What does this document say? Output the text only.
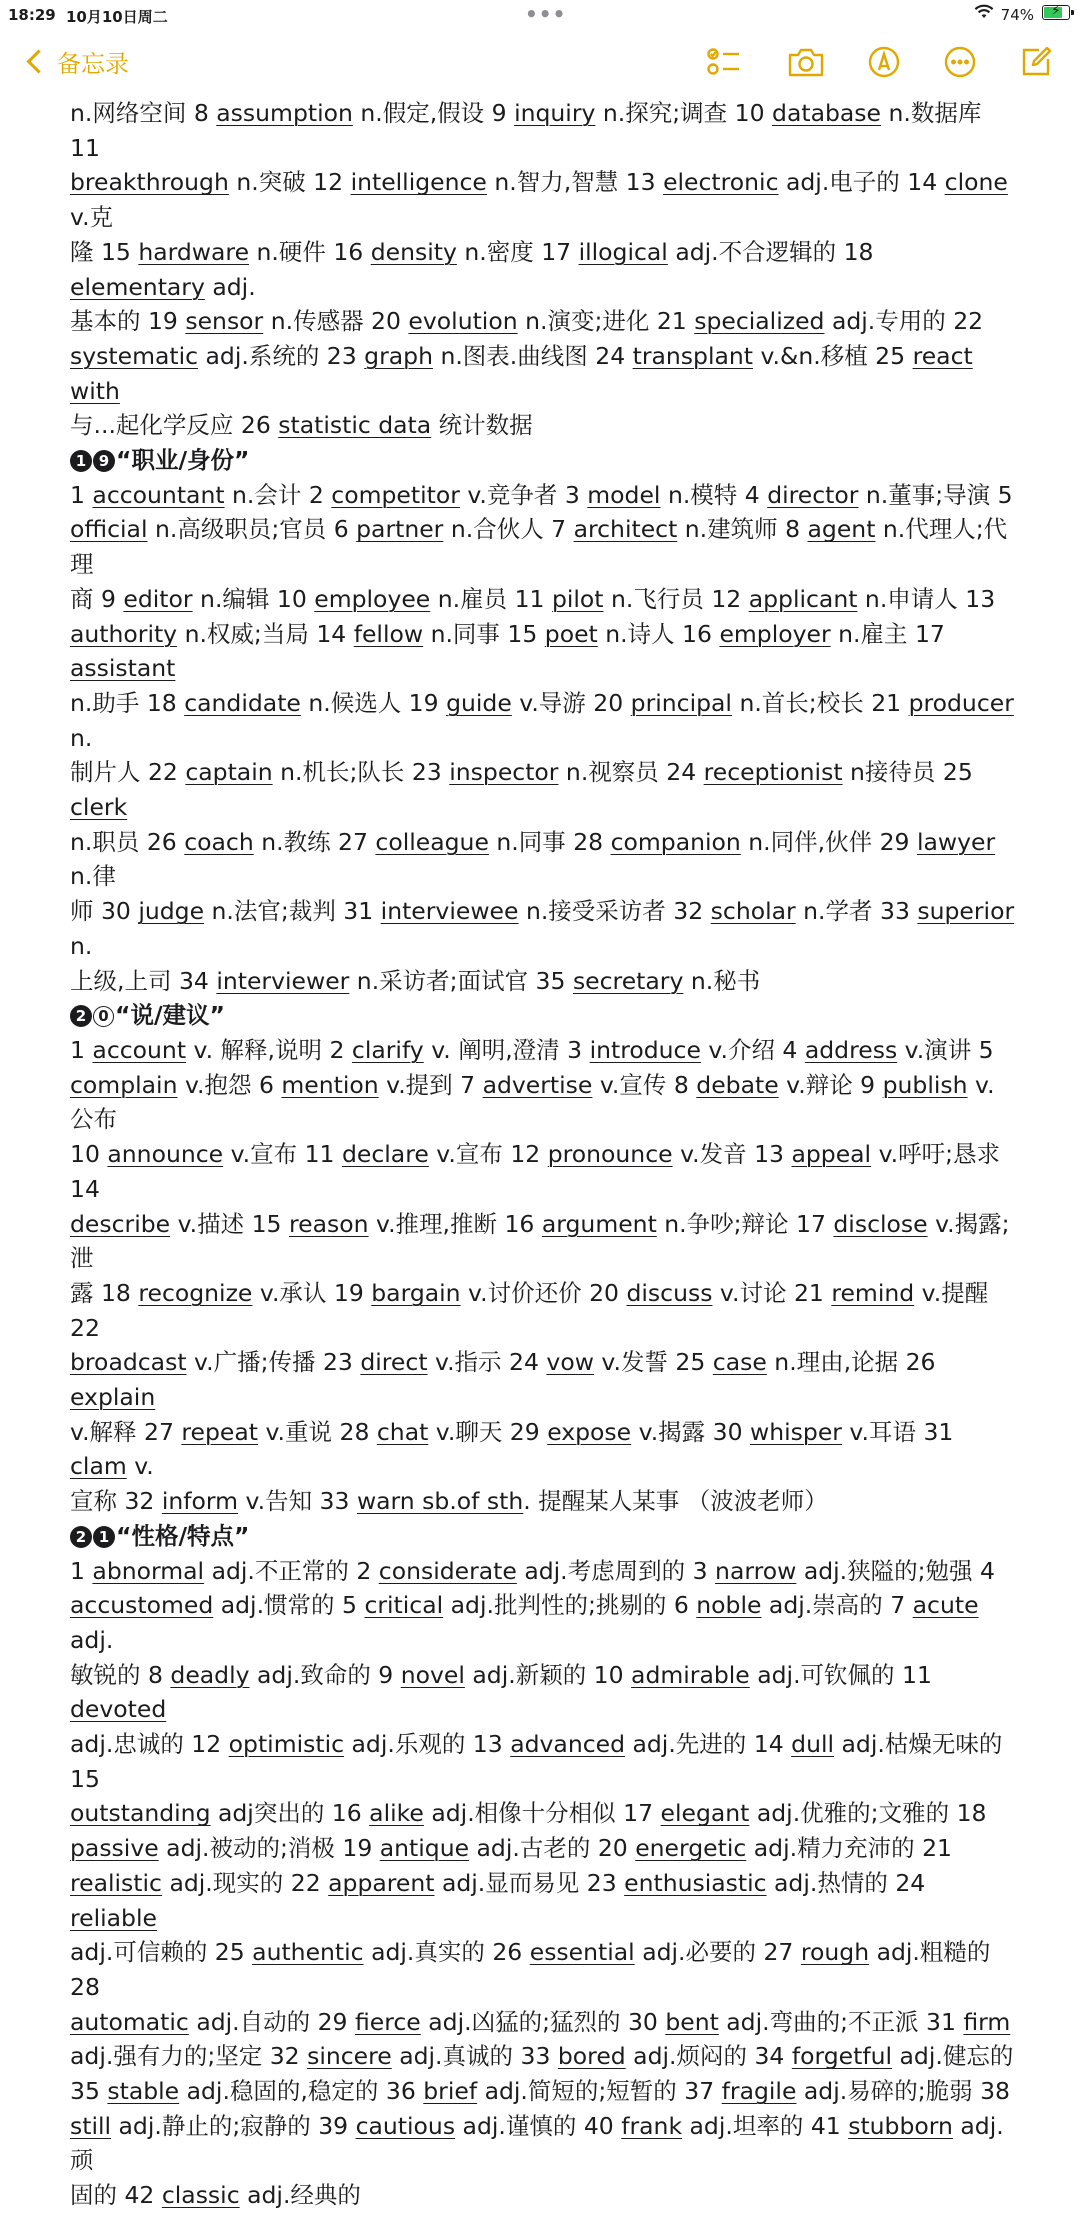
18:29 10月10日周二	•••	74% ⚡
备忘录
n.网络空间 8 assumption n.假定,假设 9 inquiry n.探究;调查 10 database n.数据库 11
breakthrough n.突破 12 intelligence n.智力,智慧 13 electronic adj.电子的 14 clone v.克
隆 15 hardware n.硬件 16 density n.密度 17 illogical adj.不合逻辑的 18 elementary adj.
基本的 19 sensor n.传感器 20 evolution n.演变;进化 21 specialized adj.专用的 22
systematic adj.系统的 23 graph n.图表.曲线图 24 transplant v.&n.移植 25 react with
与...起化学反应 26 statistic data 统计数据
1 9 “职业/身份”
1 accountant n.会计 2 competitor v.竞争者 3 model n.模特 4 director n.董事;导演 5
official n.高级职员;官员 6 partner n.合伙人 7 architect n.建筑师 8 agent n.代理人;代理
商 9 editor n.编辑 10 employee n.雇员 11 pilot n.飞行员 12 applicant n.申请人 13
authority n.权威;当局 14 fellow n.同事 15 poet n.诗人 16 employer n.雇主 17 assistant
n.助手 18 candidate n.候选人 19 guide v.导游 20 principal n.首长;校长 21 producer n.
制片人 22 captain n.机长;队长 23 inspector n.视察员 24 receptionist n接待员 25 clerk
n.职员 26 coach n.教练 27 colleague n.同事 28 companion n.同伴,伙伴 29 lawyer n.律
师 30 judge n.法官;裁判 31 interviewee n.接受采访者 32 scholar n.学者 33 superior n.
上级,上司 34 interviewer n.采访者;面试官 35 secretary n.秘书
2 0 “说/建议”
1 account v. 解释,说明 2 clarify v. 阐明,澄清 3 introduce v.介绍 4 address v.演讲 5
complain v.抱怨 6 mention v.提到 7 advertise v.宣传 8 debate v.辩论 9 publish v.公布
10 announce v.宣布 11 declare v.宣布 12 pronounce v.发音 13 appeal v.呼吁;恳求 14
describe v.描述 15 reason v.推理,推断 16 argument n.争吵;辩论 17 disclose v.揭露;泄
露 18 recognize v.承认 19 bargain v.讨价还价 20 discuss v.讨论 21 remind v.提醒 22
broadcast v.广播;传播 23 direct v.指示 24 vow v.发誓 25 case n.理由,论据 26 explain
v.解释 27 repeat v.重说 28 chat v.聊天 29 expose v.揭露 30 whisper v.耳语 31 clam v.
宣称 32 inform v.告知 33 warn sb.of sth. 提醒某人某事 （波波老师）
2 1 “性格/特点”
1 abnormal adj.不正常的 2 considerate adj.考虑周到的 3 narrow adj.狭隘的;勉强 4
accustomed adj.惯常的 5 critical adj.批判性的;挑剔的 6 noble adj.崇高的 7 acute adj.
敏锐的 8 deadly adj.致命的 9 novel adj.新颖的 10 admirable adj.可钦佩的 11 devoted
adj.忠诚的 12 optimistic adj.乐观的 13 advanced adj.先进的 14 dull adj.枯燥无味的 15
outstanding adj突出的 16 alike adj.相像十分相似 17 elegant adj.优雅的;文雅的 18
passive adj.被动的;消极 19 antique adj.古老的 20 energetic adj.精力充沛的 21
realistic adj.现实的 22 apparent adj.显而易见 23 enthusiastic adj.热情的 24 reliable
adj.可信赖的 25 authentic adj.真实的 26 essential adj.必要的 27 rough adj.粗糙的 28
automatic adj.自动的 29 fierce adj.凶猛的;猛烈的 30 bent adj.弯曲的;不正派 31 firm
adj.强有力的;坚定 32 sincere adj.真诚的 33 bored adj.烦闷的 34 forgetful adj.健忘的
35 stable adj.稳固的,稳定的 36 brief adj.简短的;短暂的 37 fragile adj.易碎的;脆弱 38
still adj.静止的;寂静的 39 cautious adj.谨慎的 40 frank adj.坦率的 41 stubborn adj.顽
固的 42 classic adj.经典的
